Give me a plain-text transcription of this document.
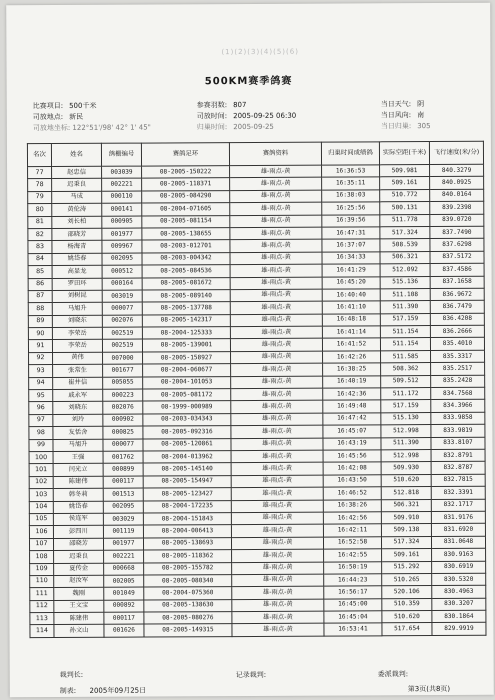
(1)(2)(3)(4)(5)(6)
500KM赛季鸽赛
比赛项目: 500千米
司放地点: 新民
司放地坐标: 122°51'/98' 42° 1' 45"
参赛羽数: 807
司放时间: 2005-09-25 06:30
归巢时间: 2005-09-25
当日天气: 阴
当日风向: 南
当日归巢: 305
名次	姓名	鸽棚编号	赛鸽足环	赛鸽资料	归巢时间成绩鸽	实际空距(千米)	飞行速度(米/分)
77	赵忠信	003039	08-2005-150222	雄-雨点-黄	16:36:53	509.981	840.3279
78	迟秉良	002221	08-2005-118371	雄-雨点-黄	16:35:11	509.161	840.0925
79	马成	000110	08-2005-084290	雄-雨点-黄	16:38:03	510.772	840.0164
80	黄伦涛	000141	08-2004-071605	雄-雨点-黄	16:25:56	500.131	839.2398
81	刘长柏	000905	08-2005-081154	雄-雨点-黄	16:39:56	511.778	839.0720
82	邵晓芳	001977	08-2005-138655	雄-雨点-黄	16:47:31	517.324	837.7490
83	杨海青	009967	08-2003-012701	雄-雨点-黄	16:37:07	508.539	837.6298
84	姚岱春	002095	08-2003-004342	雄-雨点-黄	16:34:33	506.321	837.5172
85	高显龙	000512	08-2005-084536	雄-雨点-黄	16:41:29	512.092	837.4586
86	罗田环	000164	08-2005-081672	雄-雨点-黄	16:45:20	515.136	837.1658
87	刘树昆	003019	08-2005-089140	雄-雨点-黄	16:40:40	511.108	836.9672
88	马旭升	000077	08-2005-137788	雄-雨点-黄	16:41:10	511.390	836.7479
89	刘晓东	002076	08-2005-142317	雄-雨点-黄	16:48:18	517.159	836.4208
90	李荣岳	002519	08-2004-125333	雄-雨点-黄	16:41:14	511.154	836.2666
91	李荣岳	002519	08-2005-139001	雄-雨点-黄	16:41:52	511.154	835.4010
92	黄伟	007000	08-2005-158927	雄-雨点-黄	16:42:26	511.585	835.3317
93	张常生	001677	08-2004-060677	雄-雨点-黄	16:38:25	508.362	835.2517
94	崔井信	005055	08-2004-101053	雄-雨点-黄	16:40:19	509.512	835.2428
95	戚永军	000223	08-2005-081172	雄-雨点-黄	16:42:36	511.172	834.7568
96	刘晓东	002076	08-1999-000989	雄-雨点-黄	16:49:48	517.159	834.3966
97	刘玲	000902	08-2003-034343	雄-雨点-黄	16:47:42	515.130	833.9858
98	友恬舍	000825	08-2005-092316	雄-雨点-黄	16:45:07	512.998	833.9819
99	马旭升	000077	08-2005-120861	雄-雨点-黄	16:43:19	511.390	833.8107
100	王强	001762	08-2004-013962	雄-雨点-黄	16:45:56	512.998	832.8791
101	闫光立	000899	08-2005-145140	雄-雨点-黄	16:42:08	509.930	832.8787
102	陈建伟	000117	08-2005-154947	雄-雨点-黄	16:43:50	510.620	832.7815
103	韩冬莉	001513	08-2005-123427	雄-雨点-黄	16:46:52	512.818	832.3391
104	姚岱春	002095	08-2004-172235	雄-雨点-黄	16:38:26	506.321	832.1717
105	侯连军	003029	08-2004-151843	雄-雨点-黄	16:42:56	509.910	831.9176
106	彭四川	001119	08-2004-006413	雄-雨点-黄	16:42:11	509.138	831.6920
107	邵晓芳	001977	08-2005-138693	雄-雨点-黄	16:52:58	517.324	831.0648
108	迟秉良	002221	08-2005-118362	雄-雨点-黄	16:42:55	509.161	830.9163
109	夏传金	000668	08-2005-155782	雄-雨点-黄	16:50:19	515.292	830.6919
110	赵汝军	002005	08-2005-080340	雄-雨点-黄	16:44:23	510.265	830.5320
111	魏刚	001049	08-2004-075360	雄-雨点-黄	16:56:17	520.106	830.4963
112	王文宝	000892	08-2005-138630	雄-雨点-黄	16:45:00	510.359	830.3207
113	陈建伟	000117	08-2005-080276	雄-雨点-黄	16:45:04	510.620	830.1864
114	孙文山	001626	08-2005-149315	雄-雨点-黄	16:53:41	517.654	829.9919
裁判长:	记录裁判:	委派裁判:
制表: 2005年09月25日	第3页(共8页)
